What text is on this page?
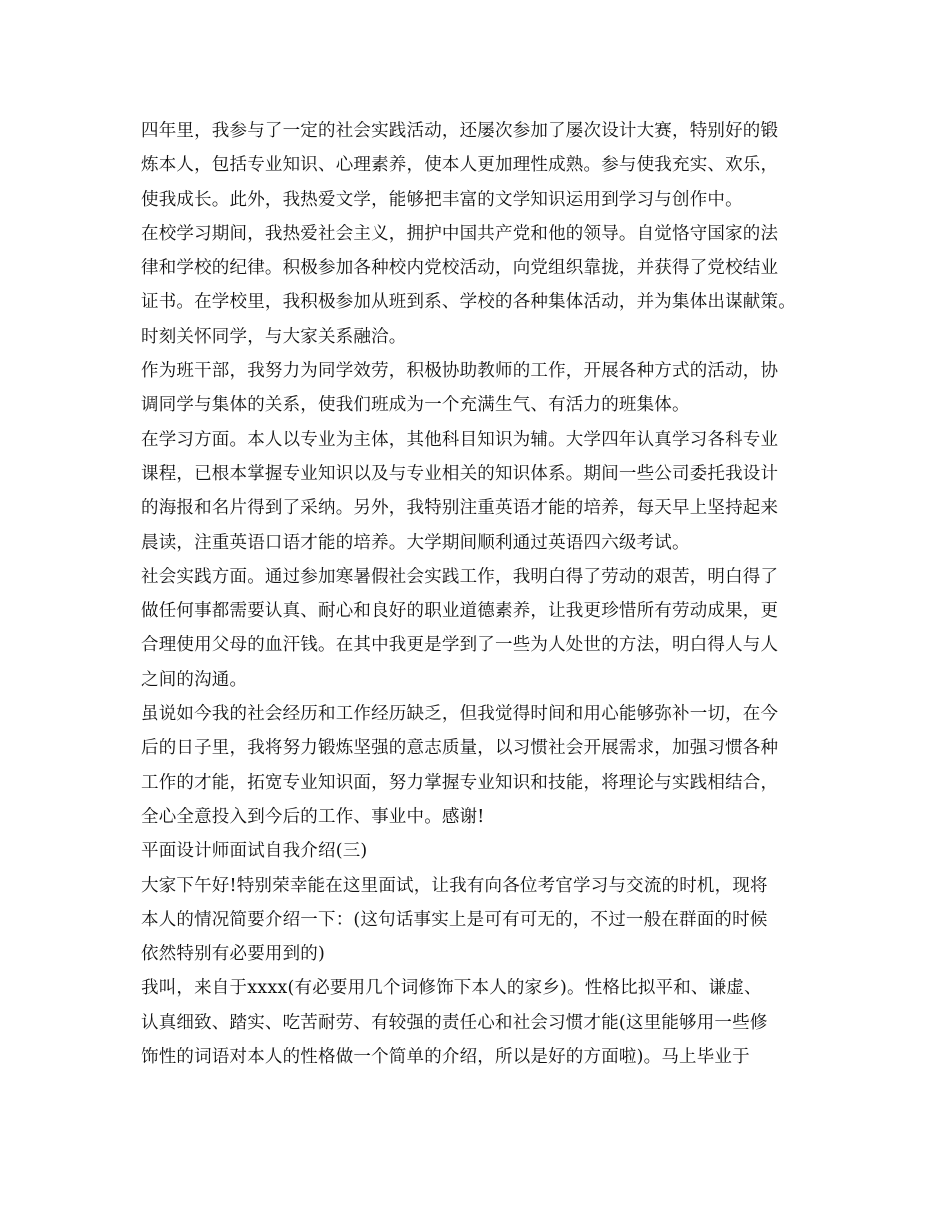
四年里，我参与了一定的社会实践活动，还屡次参加了屡次设计大赛，特别好的锻
炼本人，包括专业知识、心理素养，使本人更加理性成熟。参与使我充实、欢乐，
使我成长。此外，我热爱文学，能够把丰富的文学知识运用到学习与创作中。
在校学习期间，我热爱社会主义，拥护中国共产党和他的领导。自觉恪守国家的法
律和学校的纪律。积极参加各种校内党校活动，向党组织靠拢，并获得了党校结业
证书。在学校里，我积极参加从班到系、学校的各种集体活动，并为集体出谋献策。
时刻关怀同学，与大家关系融洽。
作为班干部，我努力为同学效劳，积极协助教师的工作，开展各种方式的活动，协
调同学与集体的关系，使我们班成为一个充满生气、有活力的班集体。
在学习方面。本人以专业为主体，其他科目知识为辅。大学四年认真学习各科专业
课程，已根本掌握专业知识以及与专业相关的知识体系。期间一些公司委托我设计
的海报和名片得到了采纳。另外，我特别注重英语才能的培养，每天早上坚持起来
晨读，注重英语口语才能的培养。大学期间顺利通过英语四六级考试。
社会实践方面。通过参加寒暑假社会实践工作，我明白得了劳动的艰苦，明白得了
做任何事都需要认真、耐心和良好的职业道德素养，让我更珍惜所有劳动成果，更
合理使用父母的血汗钱。在其中我更是学到了一些为人处世的方法，明白得人与人
之间的沟通。
虽说如今我的社会经历和工作经历缺乏，但我觉得时间和用心能够弥补一切，在今
后的日子里，我将努力锻炼坚强的意志质量，以习惯社会开展需求，加强习惯各种
工作的才能，拓宽专业知识面，努力掌握专业知识和技能，将理论与实践相结合，
全心全意投入到今后的工作、事业中。感谢!
平面设计师面试自我介绍(三)
大家下午好!特别荣幸能在这里面试，让我有向各位考官学习与交流的时机，现将
本人的情况简要介绍一下：(这句话事实上是可有可无的，不过一般在群面的时候
依然特别有必要用到的)
我叫，来自于xxxx(有必要用几个词修饰下本人的家乡)。性格比拟平和、谦虚、
认真细致、踏实、吃苦耐劳、有较强的责任心和社会习惯才能(这里能够用一些修
饰性的词语对本人的性格做一个简单的介绍，所以是好的方面啦)。马上毕业于
